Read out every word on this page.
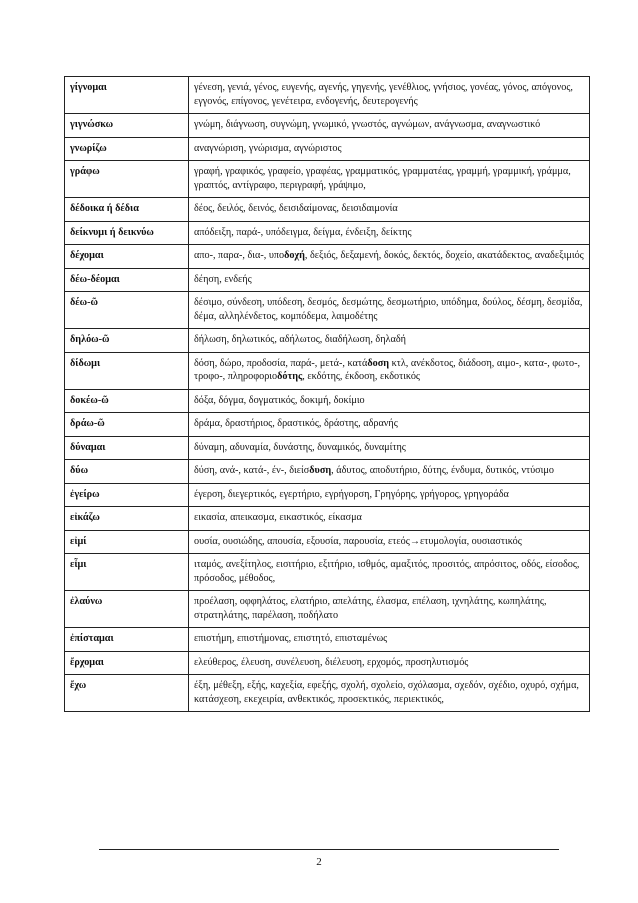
γίγνομαι	γένεση, γενιά, γένος, ευγενής, αγενής, γηγενής, γενέθλιος, γνήσιος, γονέας, γόνος, απόγονος, εγγονός, επίγονος, γενέτειρα, ενδογενής, δευτερογενής
γιγνώσκω	γνώμη, διάγνωση, συγνώμη, γνωμικό, γνωστός, αγνώμων, ανάγνωσμα, αναγνωστικό
γνωρίζω	αναγνώριση, γνώρισμα, αγνώριστος
γράφω	γραφή, γραφικός, γραφείο, γραφέας, γραμματικός, γραμματέας, γραμμή, γραμμική, γράμμα, γραπτός, αντίγραφο, περιγραφή, γράψιμο,
δέδοικα ή δέδια	δέος, δειλός, δεινός, δεισιδαίμονας, δεισιδαιμονία
δείκνυμι ή δεικνύω	απόδειξη, παρά-, υπόδειγμα, δείγμα, ένδειξη, δείκτης
δέχομαι	απο-, παρα-, δια-, υποδοχή, δεξιός, δεξαμενή, δοκός, δεκτός, δοχείο, ακατάδεκτος, αναδεξιμιός
δέω-δέομαι	δέηση, ενδεής
δέω-ῶ	δέσιμο, σύνδεση, υπόδεση, δεσμός, δεσμώτης, δεσμωτήριο, υπόδημα, δούλος, δέσμη, δεσμίδα, δέμα, αλληλένδετος, κομπόδεμα, λαιμοδέτης
δηλόω-ῶ	δήλωση, δηλωτικός, αδήλωτος, διαδήλωση, δηλαδή
δίδωμι	δόση, δώρο, προδοσία, παρά-, μετά-, κατάδοση κτλ, ανέκδοτος, διάδοση, αιμο-, κατα-, φωτο-, τροφο-, πληροφοριοδότης, εκδότης, έκδοση, εκδοτικός
δοκέω-ῶ	δόξα, δόγμα, δογματικός, δοκιμή, δοκίμιο
δράω-ῶ	δράμα, δραστήριος, δραστικός, δράστης, αδρανής
δύναμαι	δύναμη, αδυναμία, δυνάστης, δυναμικός, δυναμίτης
δύω	δύση, ανά-, κατά-, έν-, διείσδυση, άδυτος, αποδυτήριο, δύτης, ένδυμα, δυτικός, ντύσιμο
ἐγείρω	έγερση, διεγερτικός, εγερτήριο, εγρήγορση, Γρηγόρης, γρήγορος, γρηγοράδα
εἰκάζω	εικασία, απεικασμα, εικαστικός, είκασμα
εἰμί	ουσία, ουσιώδης, απουσία, εξουσία, παρουσία, ετεός→ετυμολογία, ουσιαστικός
εἶμι	ιταμός, ανεξίτηλος, εισιτήριο, εξιτήριο, ισθμός, αμαξιτός, προσιτός, απρόσιτος, οδός, είσοδος, πρόσοδος, μέθοδος,
ἐλαύνω	προέλαση, οφφηλάτος, ελατήριο, απελάτης, έλασμα, επέλαση, ιχνηλάτης, κωπηλάτης, στρατηλάτης, παρέλαση, ποδήλατο
ἐπίσταμαι	επιστήμη, επιστήμονας, επιστητό, επισταμένως
ἔρχομαι	ελεύθερος, έλευση, συνέλευση, διέλευση, ερχομός, προσηλυτισμός
ἔχω	έξη, μέθεξη, εξής, καχεξία, εφεξής, σχολή, σχολείο, σχόλασμα, σχεδόν, σχέδιο, οχυρό, σχήμα, κατάσχεση, εκεχειρία, ανθεκτικός, προσεκτικός, περιεκτικός,
2
